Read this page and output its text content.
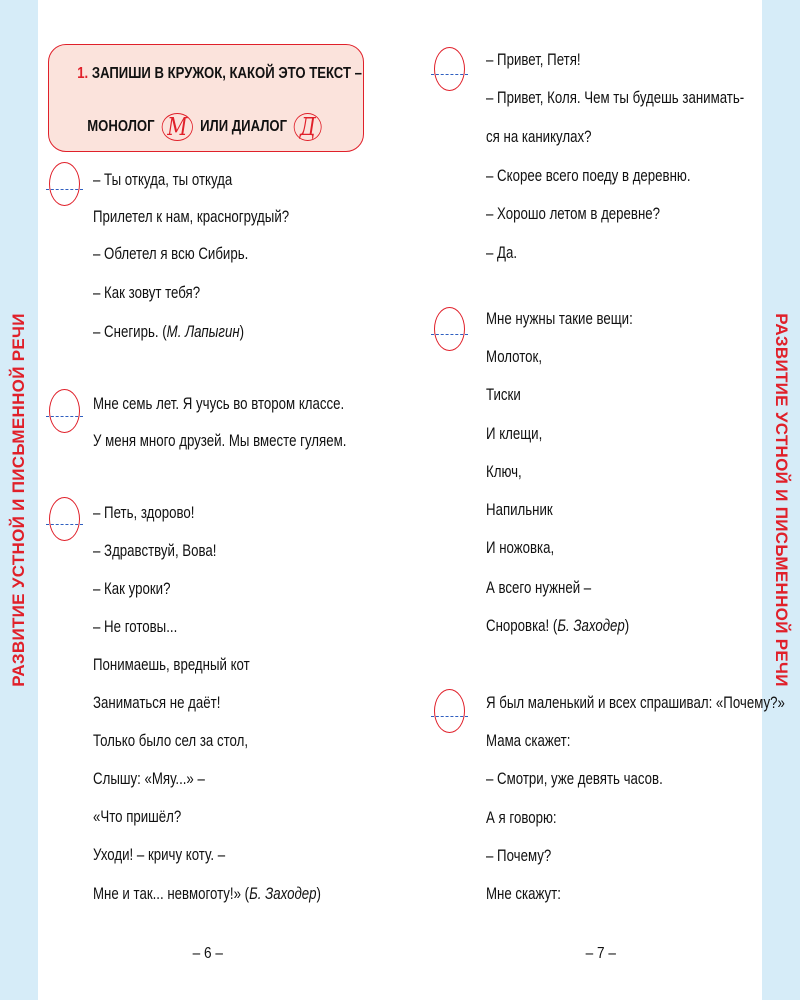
РАЗВИТИЕ УСТНОЙ И ПИСЬМЕННОЙ РЕЧИ	РАЗВИТИЕ УСТНОЙ И ПИСЬМЕННОЙ РЕЧИ
1. ЗАПИШИ В КРУЖОК, КАКОЙ ЭТО ТЕКСТ –
МОНОЛОГ М ИЛИ ДИАЛОГ Д
– Ты откуда, ты откуда
Прилетел к нам, красногрудый?
– Облетел я всю Сибирь.
– Как зовут тебя?
– Снегирь. (М. Лапыгин)
Мне семь лет. Я учусь во втором классе.
У меня много друзей. Мы вместе гуляем.
– Петь, здорово!
– Здравствуй, Вова!
– Как уроки?
– Не готовы...
Понимаешь, вредный кот
Заниматься не даёт!
Только было сел за стол,
Слышу: «Мяу...» –
«Что пришёл?
Уходи! – кричу коту. –
Мне и так... невмоготу!» (Б. Заходер)
– Привет, Петя!
– Привет, Коля. Чем ты будешь занимать-
ся на каникулах?
– Скорее всего поеду в деревню.
– Хорошо летом в деревне?
– Да.
Мне нужны такие вещи:
Молоток,
Тиски
И клещи,
Ключ,
Напильник
И ножовка,
А всего нужней –
Сноровка! (Б. Заходер)
Я был маленький и всех спрашивал: «Почему?»
Мама скажет:
– Смотри, уже девять часов.
А я говорю:
– Почему?
Мне скажут:
– 6 –	– 7 –
